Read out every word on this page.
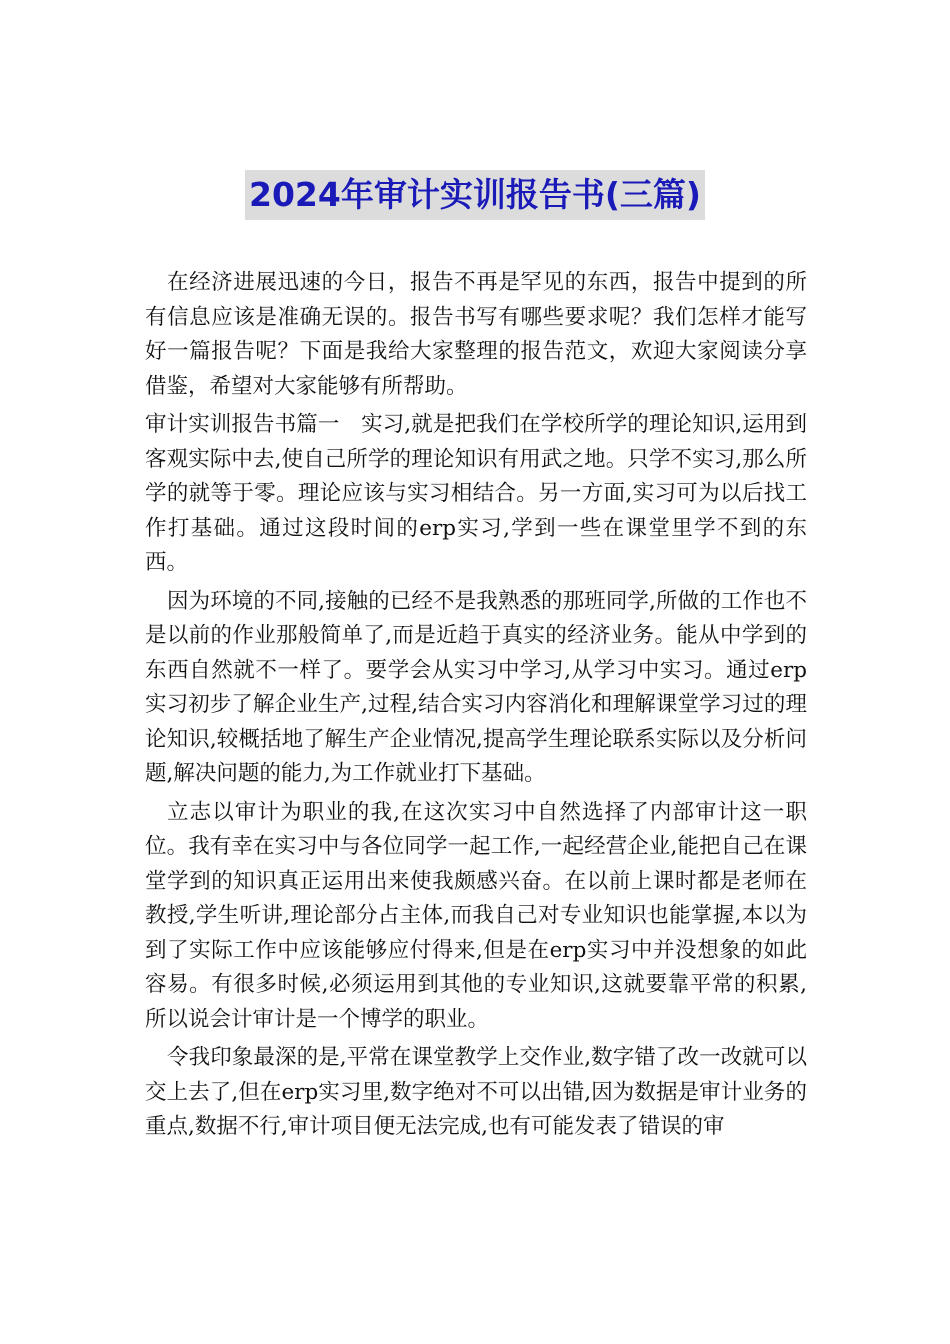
2024年审计实训报告书(三篇)

在经济进展迅速的今日，报告不再是罕见的东西，报告中提到的所有信息应该是准确无误的。报告书写有哪些要求呢？我们怎样才能写好一篇报告呢？下面是我给大家整理的报告范文，欢迎大家阅读分享借鉴，希望对大家能够有所帮助。

审计实训报告书篇一　实习,就是把我们在学校所学的理论知识,运用到客观实际中去,使自己所学的理论知识有用武之地。只学不实习,那么所学的就等于零。理论应该与实习相结合。另一方面,实习可为以后找工作打基础。通过这段时间的erp实习,学到一些在课堂里学不到的东西。

因为环境的不同,接触的已经不是我熟悉的那班同学,所做的工作也不是以前的作业那般简单了,而是近趋于真实的经济业务。能从中学到的东西自然就不一样了。要学会从实习中学习,从学习中实习。通过erp实习初步了解企业生产,过程,结合实习内容消化和理解课堂学习过的理论知识,较概括地了解生产企业情况,提高学生理论联系实际以及分析问题,解决问题的能力,为工作就业打下基础。

立志以审计为职业的我,在这次实习中自然选择了内部审计这一职位。我有幸在实习中与各位同学一起工作,一起经营企业,能把自己在课堂学到的知识真正运用出来使我颇感兴奋。在以前上课时都是老师在教授,学生听讲,理论部分占主体,而我自己对专业知识也能掌握,本以为到了实际工作中应该能够应付得来,但是在erp实习中并没想象的如此容易。有很多时候,必须运用到其他的专业知识,这就要靠平常的积累,所以说会计审计是一个博学的职业。

令我印象最深的是,平常在课堂教学上交作业,数字错了改一改就可以交上去了,但在erp实习里,数字绝对不可以出错,因为数据是审计业务的重点,数据不行,审计项目便无法完成,也有可能发表了错误的审
